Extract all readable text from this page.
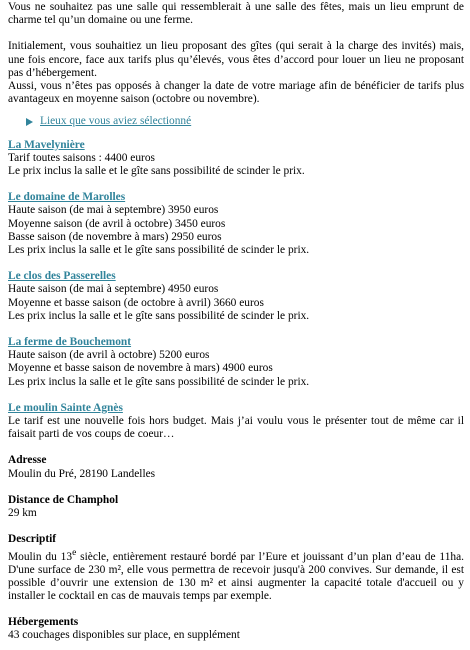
Vous ne souhaitez pas une salle qui ressemblerait à une salle des fêtes, mais un lieu emprunt de charme tel qu’un domaine ou une ferme.

Initialement, vous souhaitiez un lieu proposant des gîtes (qui serait à la charge des invités) mais, une fois encore, face aux tarifs plus qu’élevés, vous êtes d’accord pour louer un lieu ne proposant pas d’hébergement.

Aussi, vous n’êtes pas opposés à changer la date de votre mariage afin de bénéficier de tarifs plus avantageux en moyenne saison (octobre ou novembre).

Lieux que vous aviez sélectionné

La Mavelynière

Tarif toutes saisons : 4400 euros

Le prix inclus la salle et le gîte sans possibilité de scinder le prix.

Le domaine de Marolles

Haute saison (de mai à septembre) 3950 euros

Moyenne saison (de avril à octobre) 3450 euros

Basse saison (de novembre à mars) 2950 euros

Les prix inclus la salle et le gîte sans possibilité de scinder le prix.

Le clos des Passerelles

Haute saison (de mai à septembre) 4950 euros

Moyenne et basse saison (de octobre à avril) 3660 euros

Les prix inclus la salle et le gîte sans possibilité de scinder le prix.

La ferme de Bouchemont

Haute saison (de avril à octobre) 5200 euros

Moyenne et basse saison de novembre à mars) 4900 euros

Les prix inclus la salle et le gîte sans possibilité de scinder le prix.

Le moulin Sainte Agnès

Le tarif est une nouvelle fois hors budget. Mais j’ai voulu vous le présenter tout de même car il faisait parti de vos coups de coeur…

Adresse

Moulin du Pré, 28190 Landelles

Distance de Champhol

29 km

Descriptif

Moulin du 13e siècle, entièrement restauré bordé par l’Eure et jouissant d’un plan d’eau de 11ha. D'une surface de 230 m², elle vous permettra de recevoir jusqu'à 200 convives. Sur demande, il est possible d’ouvrir une extension de 130 m² et ainsi augmenter la capacité totale d'accueil ou y installer le cocktail en cas de mauvais temps par exemple.

Hébergements

43 couchages disponibles sur place, en supplément
